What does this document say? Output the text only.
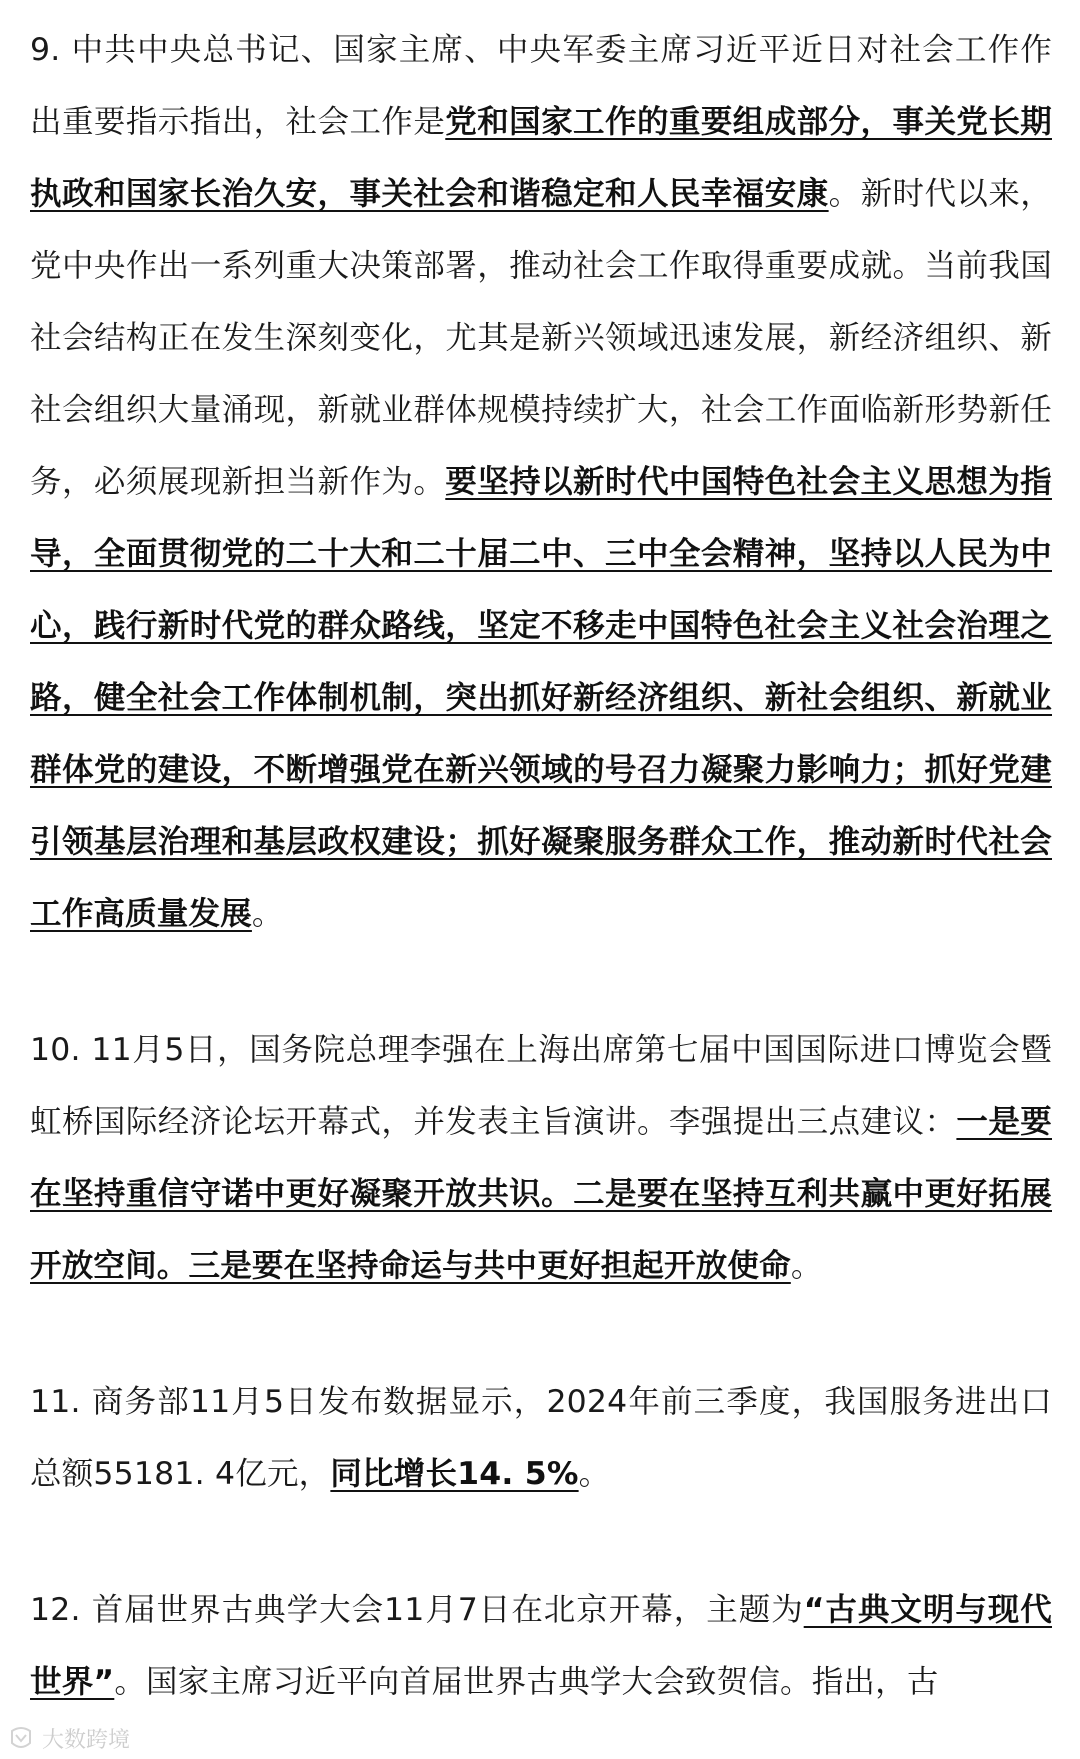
9. 中共中央总书记、国家主席、中央军委主席习近平近日对社会工作作出重要指示指出，社会工作是党和国家工作的重要组成部分，事关党长期执政和国家长治久安，事关社会和谐稳定和人民幸福安康。新时代以来，党中央作出一系列重大决策部署，推动社会工作取得重要成就。当前我国社会结构正在发生深刻变化，尤其是新兴领域迅速发展，新经济组织、新社会组织大量涌现，新就业群体规模持续扩大，社会工作面临新形势新任务，必须展现新担当新作为。要坚持以新时代中国特色社会主义思想为指导，全面贯彻党的二十大和二十届二中、三中全会精神，坚持以人民为中心，践行新时代党的群众路线，坚定不移走中国特色社会主义社会治理之路，健全社会工作体制机制，突出抓好新经济组织、新社会组织、新就业群体党的建设，不断增强党在新兴领域的号召力凝聚力影响力；抓好党建引领基层治理和基层政权建设；抓好凝聚服务群众工作，推动新时代社会工作高质量发展。

10. 11月5日，国务院总理李强在上海出席第七届中国国际进口博览会暨虹桥国际经济论坛开幕式，并发表主旨演讲。李强提出三点建议：一是要在坚持重信守诺中更好凝聚开放共识。二是要在坚持互利共赢中更好拓展开放空间。三是要在坚持命运与共中更好担起开放使命。

11. 商务部11月5日发布数据显示，2024年前三季度，我国服务进出口总额55181. 4亿元，同比增长14. 5%。

12. 首届世界古典学大会11月7日在北京开幕，主题为“古典文明与现代世界”。国家主席习近平向首届世界古典学大会致贺信。指出，古

大数跨境
